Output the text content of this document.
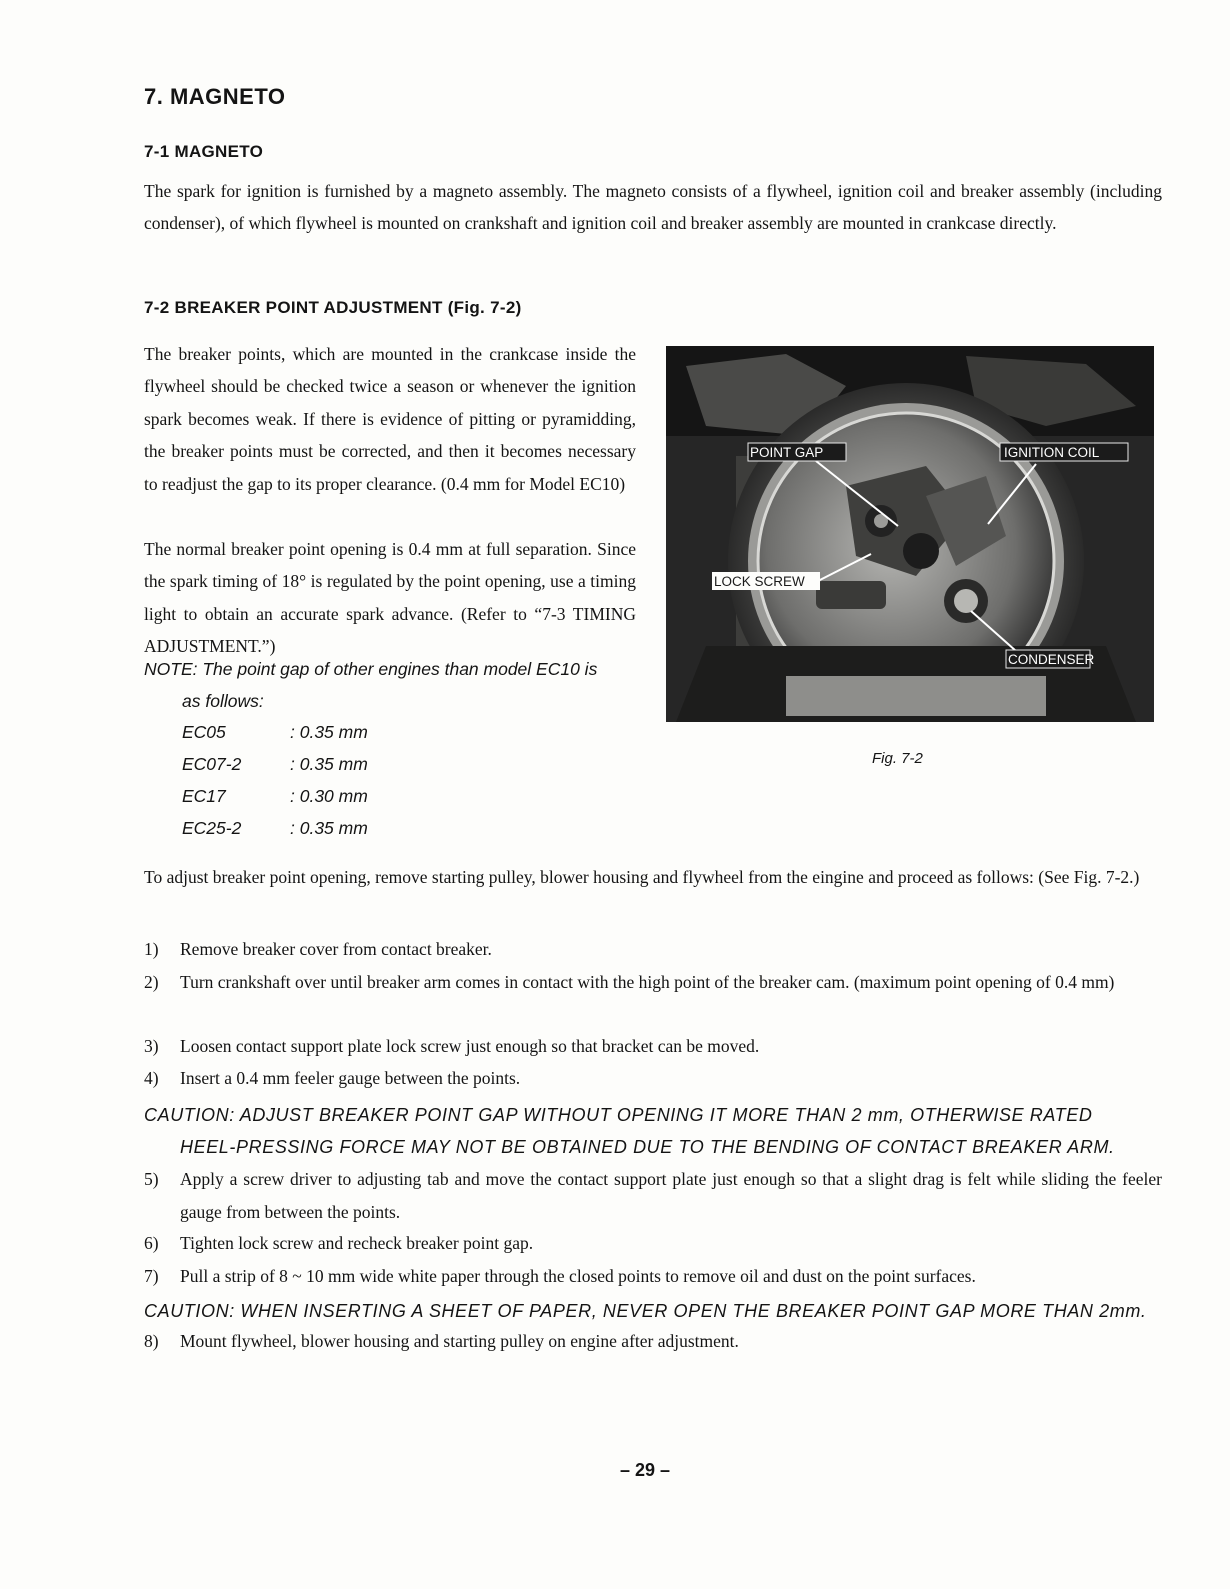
7. MAGNETO
7-1 MAGNETO
The spark for ignition is furnished by a magneto assembly. The magneto consists of a flywheel, ignition coil and breaker assembly (including condenser), of which flywheel is mounted on crankshaft and ignition coil and breaker assembly are mounted in crankcase directly.
7-2 BREAKER POINT ADJUSTMENT (Fig. 7-2)
The breaker points, which are mounted in the crankcase inside the flywheel should be checked twice a season or whenever the ignition spark becomes weak. If there is evidence of pitting or pyramidding, the breaker points must be corrected, and then it becomes necessary to readjust the gap to its proper clearance. (0.4 mm for Model EC10)
The normal breaker point opening is 0.4 mm at full separation. Since the spark timing of 18° is regulated by the point opening, use a timing light to obtain an accurate spark advance. (Refer to “7-3 TIMING ADJUSTMENT.”)
NOTE: The point gap of other engines than model EC10 is
as follows:
EC05	: 0.35 mm
EC07-2	: 0.35 mm
EC17	: 0.30 mm
EC25-2	: 0.35 mm
POINT GAP	IGNITION COIL
LOCK SCREW
CONDENSER
Fig. 7-2
To adjust breaker point opening, remove starting pulley, blower housing and flywheel from the eingine and proceed as follows: (See Fig. 7-2.)
1) Remove breaker cover from contact breaker.
2) Turn crankshaft over until breaker arm comes in contact with the high point of the breaker cam. (maximum point opening of 0.4 mm)
3) Loosen contact support plate lock screw just enough so that bracket can be moved.
4) Insert a 0.4 mm feeler gauge between the points.
CAUTION: ADJUST BREAKER POINT GAP WITHOUT OPENING IT MORE THAN 2 mm, OTHERWISE RATED
HEEL-PRESSING FORCE MAY NOT BE OBTAINED DUE TO THE BENDING OF CONTACT BREAKER ARM.
5) Apply a screw driver to adjusting tab and move the contact support plate just enough so that a slight drag is felt while sliding the feeler gauge from between the points.
6) Tighten lock screw and recheck breaker point gap.
7) Pull a strip of 8 ~ 10 mm wide white paper through the closed points to remove oil and dust on the point surfaces.
CAUTION: WHEN INSERTING A SHEET OF PAPER, NEVER OPEN THE BREAKER POINT GAP MORE THAN 2mm.
8) Mount flywheel, blower housing and starting pulley on engine after adjustment.
– 29 –
